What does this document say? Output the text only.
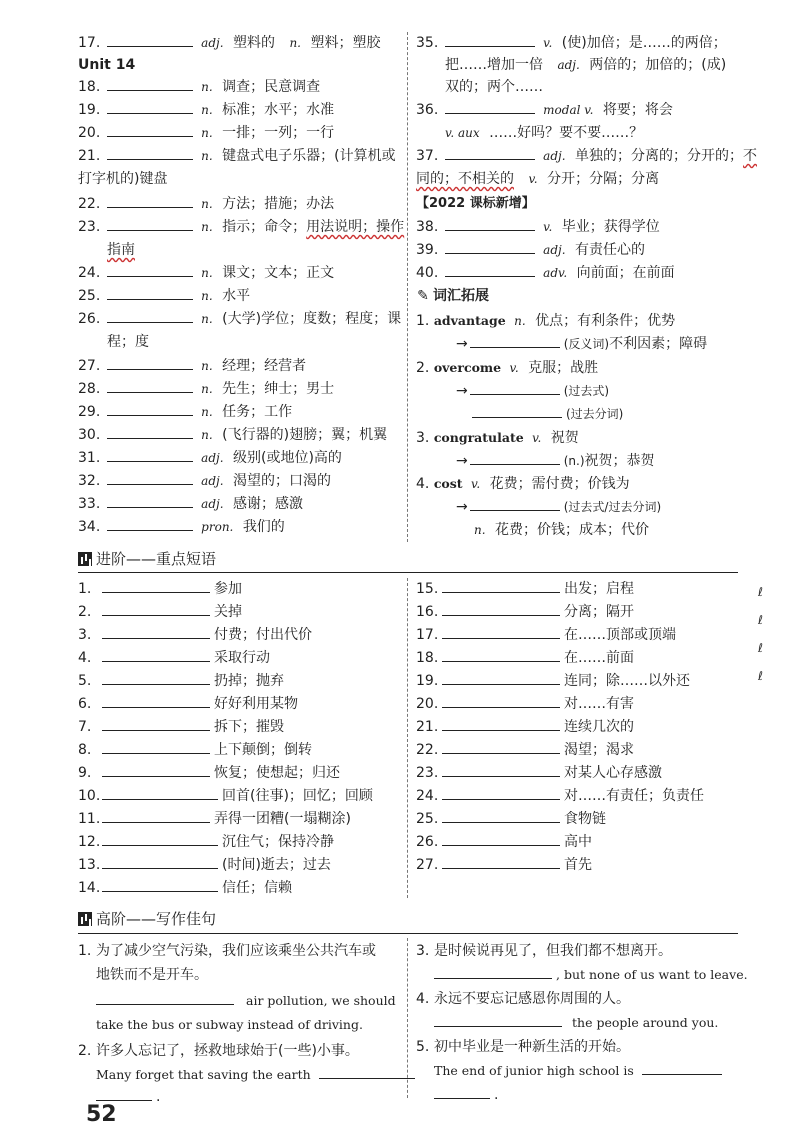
17.	adj. 塑料的 n. 塑料；塑胶
Unit 14
18.	n. 调查；民意调查
19.	n. 标准；水平；水准
20.	n. 一排；一列；一行
21.	n. 键盘式电子乐器；(计算机或
打字机的)键盘
22.	n. 方法；措施；办法
23.	n. 指示；命令；用法说明；操作
指南
24.	n. 课文；文本；正文
25.	n. 水平
26.	n. (大学)学位；度数；程度；课
程；度
27.	n. 经理；经营者
28.	n. 先生；绅士；男士
29.	n. 任务；工作
30.	n. (飞行器的)翅膀；翼；机翼
31.	adj. 级别(或地位)高的
32.	adj. 渴望的；口渴的
33.	adj. 感谢；感激
34.	pron. 我们的
35.	v. (使)加倍；是……的两倍；
把……增加一倍 adj. 两倍的；加倍的；(成)
双的；两个……
36.	modal v. 将要；将会
v. aux ……好吗？要不要……？
37.	adj. 单独的；分离的；分开的；不
同的；不相关的 v. 分开；分隔；分离
【2022 课标新增】
38.	v. 毕业；获得学位
39.	adj. 有责任心的
40.	adv. 向前面；在前面
✎ 词汇拓展
1. advantage n. 优点；有利条件；优势
→	(反义词)不利因素；障碍
2. overcome v. 克服；战胜
→	(过去式)
(过去分词)
3. congratulate v. 祝贺
→	(n.)祝贺；恭贺
4. cost v. 花费；需付费；价钱为
→	(过去式/过去分词)
n. 花费；价钱；成本；代价
进阶——重点短语
1.	参加
2.	关掉
3.	付费；付出代价
4.	采取行动
5.	扔掉；抛弃
6.	好好利用某物
7.	拆下；摧毁
8.	上下颠倒；倒转
9.	恢复；使想起；归还
10.	回首(往事)；回忆；回顾
11.	弄得一团糟(一塌糊涂)
12.	沉住气；保持冷静
13.	(时间)逝去；过去
14.	信任；信赖
15.	出发；启程
16.	分离；隔开
17.	在……顶部或顶端
18.	在……前面
19.	连同；除……以外还
20.	对……有害
21.	连续几次的
22.	渴望；渴求
23.	对某人心存感激
24.	对……有责任；负责任
25.	食物链
26.	高中
27.	首先
ℓ
ℓ
ℓ
ℓ
高阶——写作佳句
1. 为了减少空气污染，我们应该乘坐公共汽车或
地铁而不是开车。
air pollution, we should
take the bus or subway instead of driving.
2. 许多人忘记了，拯救地球始于(一些)小事。
Many forget that saving the earth
.
3. 是时候说再见了，但我们都不想离开。
, but none of us want to leave.
4. 永远不要忘记感恩你周围的人。
the people around you.
5. 初中毕业是一种新生活的开始。
The end of junior high school is
.
52
